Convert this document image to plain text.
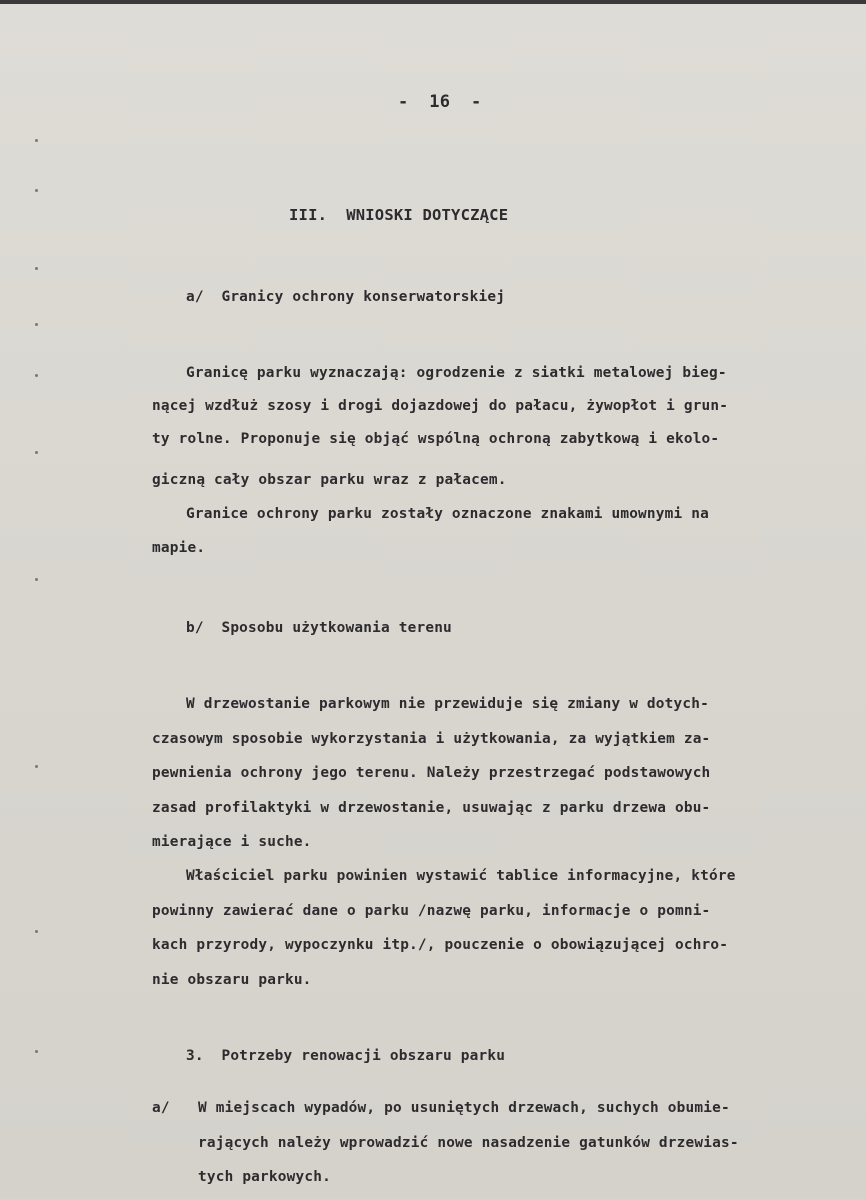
-  16  -
III.  WNIOSKI DOTYCZĄCE
a/  Granicy ochrony konserwatorskiej
Granicę parku wyznaczają: ogrodzenie z siatki metalowej bieg-
nącej wzdłuż szosy i drogi dojazdowej do pałacu, żywopłot i grun-
ty rolne. Proponuje się objąć wspólną ochroną zabytkową i ekolo-
giczną cały obszar parku wraz z pałacem.
Granice ochrony parku zostały oznaczone znakami umownymi na
mapie.
b/  Sposobu użytkowania terenu
W drzewostanie parkowym nie przewiduje się zmiany w dotych-
czasowym sposobie wykorzystania i użytkowania, za wyjątkiem za-
pewnienia ochrony jego terenu. Należy przestrzegać podstawowych
zasad profilaktyki w drzewostanie, usuwając z parku drzewa obu-
mierające i suche.
Właściciel parku powinien wystawić tablice informacyjne, które
powinny zawierać dane o parku /nazwę parku, informacje o pomni-
kach przyrody, wypoczynku itp./, pouczenie o obowiązującej ochro-
nie obszaru parku.
3.  Potrzeby renowacji obszaru parku
a/ W miejscach wypadów, po usuniętych drzewach, suchych obumie-
rających należy wprowadzić nowe nasadzenie gatunków drzewias-
tych parkowych.
